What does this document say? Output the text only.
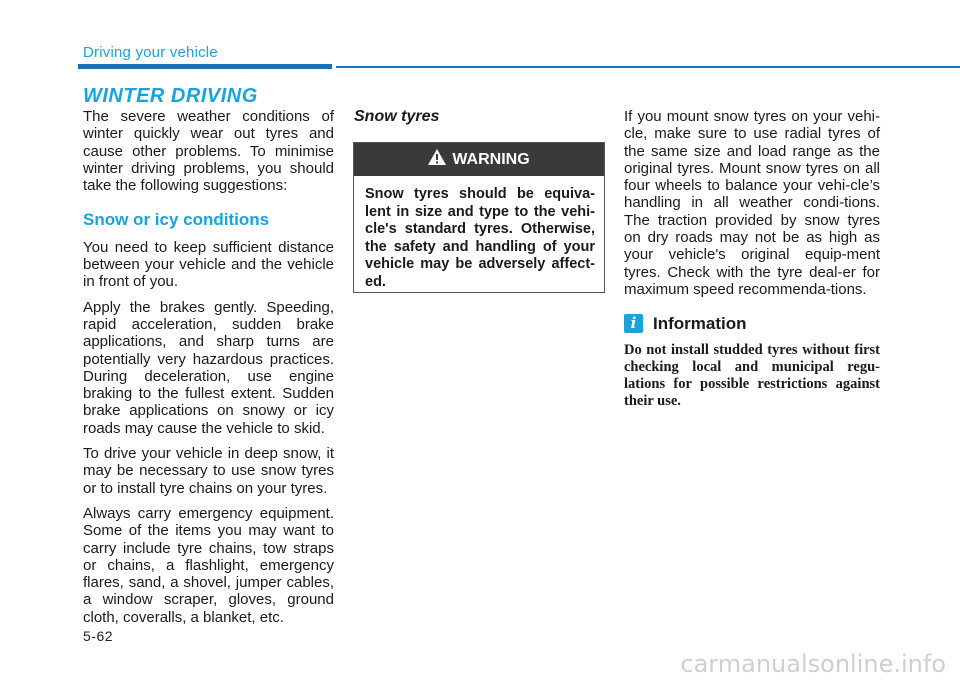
Driving your vehicle
WINTER DRIVING

The severe weather conditions of winter quickly wear out tyres and cause other problems. To minimise winter driving problems, you should take the following suggestions:

Snow or icy conditions

You need to keep sufficient distance between your vehicle and the vehicle in front of you.

Apply the brakes gently. Speeding, rapid acceleration, sudden brake applications, and sharp turns are potentially very hazardous practices. During deceleration, use engine braking to the fullest extent. Sudden brake applications on snowy or icy roads may cause the vehicle to skid.

To drive your vehicle in deep snow, it may be necessary to use snow tyres or to install tyre chains on your tyres.

Always carry emergency equipment. Some of the items you may want to carry include tyre chains, tow straps or chains, a flashlight, emergency flares, sand, a shovel, jumper cables, a window scraper, gloves, ground cloth, coveralls, a blanket, etc.

Snow tyres
WARNING
Snow tyres should be equiva-lent in size and type to the vehi-cle's standard tyres. Otherwise, the safety and handling of your vehicle may be adversely affect-ed.

If you mount snow tyres on your vehi-cle, make sure to use radial tyres of the same size and load range as the original tyres. Mount snow tyres on all four wheels to balance your vehi-cle’s handling in all weather condi-tions. The traction provided by snow tyres on dry roads may not be as high as your vehicle's original equip-ment tyres. Check with the tyre deal-er for maximum speed recommenda-tions.

i Information
Do not install studded tyres without first checking local and municipal regu-lations for possible restrictions against their use.
5-62
carmanualsonline.info
